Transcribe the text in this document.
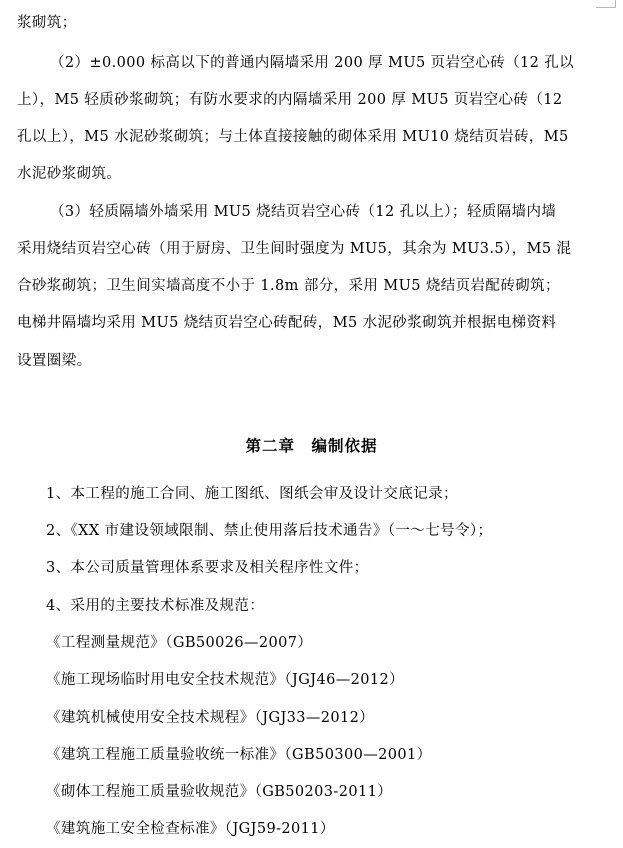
浆砌筑；
（2）±0.000 标高以下的普通内隔墙采用 200 厚 MU5 页岩空心砖（12 孔以
上），M5 轻质砂浆砌筑；有防水要求的内隔墙采用 200 厚 MU5 页岩空心砖（12
孔以上），M5 水泥砂浆砌筑；与土体直接接触的砌体采用 MU10 烧结页岩砖，M5
水泥砂浆砌筑。
（3）轻质隔墙外墙采用 MU5 烧结页岩空心砖（12 孔以上）；轻质隔墙内墙
采用烧结页岩空心砖（用于厨房、卫生间时强度为 MU5，其余为 MU3.5），M5 混
合砂浆砌筑；卫生间实墙高度不小于 1.8m 部分，采用 MU5 烧结页岩配砖砌筑；
电梯井隔墙均采用 MU5 烧结页岩空心砖配砖，M5 水泥砂浆砌筑并根据电梯资料
设置圈梁。
第二章　编制依据
1、本工程的施工合同、施工图纸、图纸会审及设计交底记录；
2、《XX 市建设领域限制、禁止使用落后技术通告》（一～七号令）；
3、本公司质量管理体系要求及相关程序性文件；
4、采用的主要技术标准及规范：
《工程测量规范》（GB50026—2007）
《施工现场临时用电安全技术规范》（JGJ46—2012）
《建筑机械使用安全技术规程》（JGJ33—2012）
《建筑工程施工质量验收统一标准》（GB50300—2001）
《砌体工程施工质量验收规范》（GB50203-2011）
《建筑施工安全检查标准》（JGJ59-2011）
